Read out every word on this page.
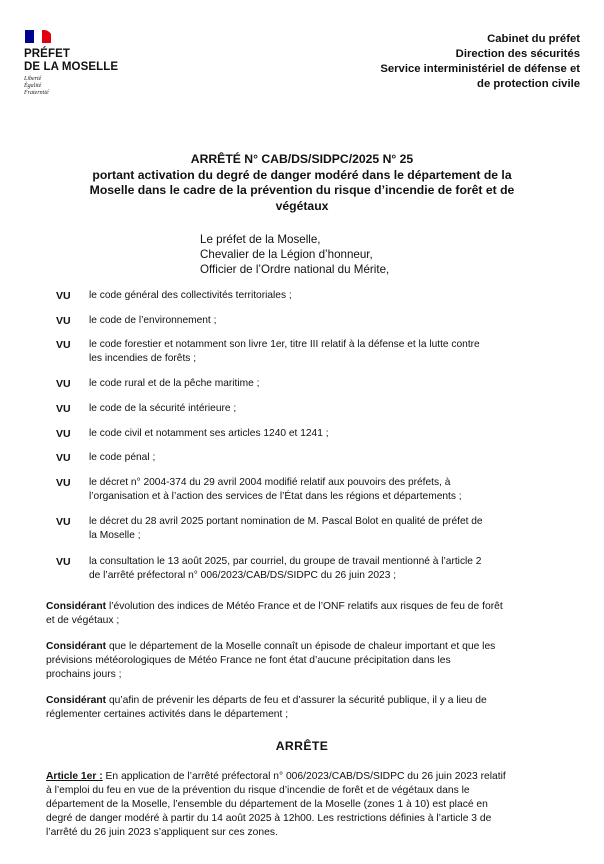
PRÉFET
DE LA MOSELLE
Liberté
Égalité
Fraternité
Cabinet du préfet
Direction des sécurités
Service interministériel de défense et
de protection civile
ARRÊTÉ N° CAB/DS/SIDPC/2025 N° 25
portant activation du degré de danger modéré dans le département de la
Moselle dans le cadre de la prévention du risque d’incendie de forêt et de
végétaux
Le préfet de la Moselle,
Chevalier de la Légion d’honneur,
Officier de l’Ordre national du Mérite,
VU le code général des collectivités territoriales ;
VU le code de l’environnement ;
VU le code forestier et notamment son livre 1er, titre III relatif à la défense et la lutte contre
les incendies de forêts ;
VU le code rural et de la pêche maritime ;
VU le code de la sécurité intérieure ;
VU le code civil et notamment ses articles 1240 et 1241 ;
VU le code pénal ;
VU le décret n° 2004-374 du 29 avril 2004 modifié relatif aux pouvoirs des préfets, à
l’organisation et à l’action des services de l’État dans les régions et départements ;
VU le décret du 28 avril 2025 portant nomination de M. Pascal Bolot en qualité de préfet de
la Moselle ;
VU la consultation le 13 août 2025, par courriel, du groupe de travail mentionné à l’article 2
de l’arrêté préfectoral n° 006/2023/CAB/DS/SIDPC du 26 juin 2023 ;
Considérant l’évolution des indices de Météo France et de l’ONF relatifs aux risques de feu de forêt
et de végétaux ;
Considérant que le département de la Moselle connaît un épisode de chaleur important et que les
prévisions météorologiques de Météo France ne font état d’aucune précipitation dans les
prochains jours ;
Considérant qu’afin de prévenir les départs de feu et d’assurer la sécurité publique, il y a lieu de
réglementer certaines activités dans le département ;
ARRÊTE
Article 1er : En application de l’arrêté préfectoral n° 006/2023/CAB/DS/SIDPC du 26 juin 2023 relatif
à l’emploi du feu en vue de la prévention du risque d’incendie de forêt et de végétaux dans le
département de la Moselle, l’ensemble du département de la Moselle (zones 1 à 10) est placé en
degré de danger modéré à partir du 14 août 2025 à 12h00. Les restrictions définies à l’article 3 de
l’arrêté du 26 juin 2023 s’appliquent sur ces zones.
